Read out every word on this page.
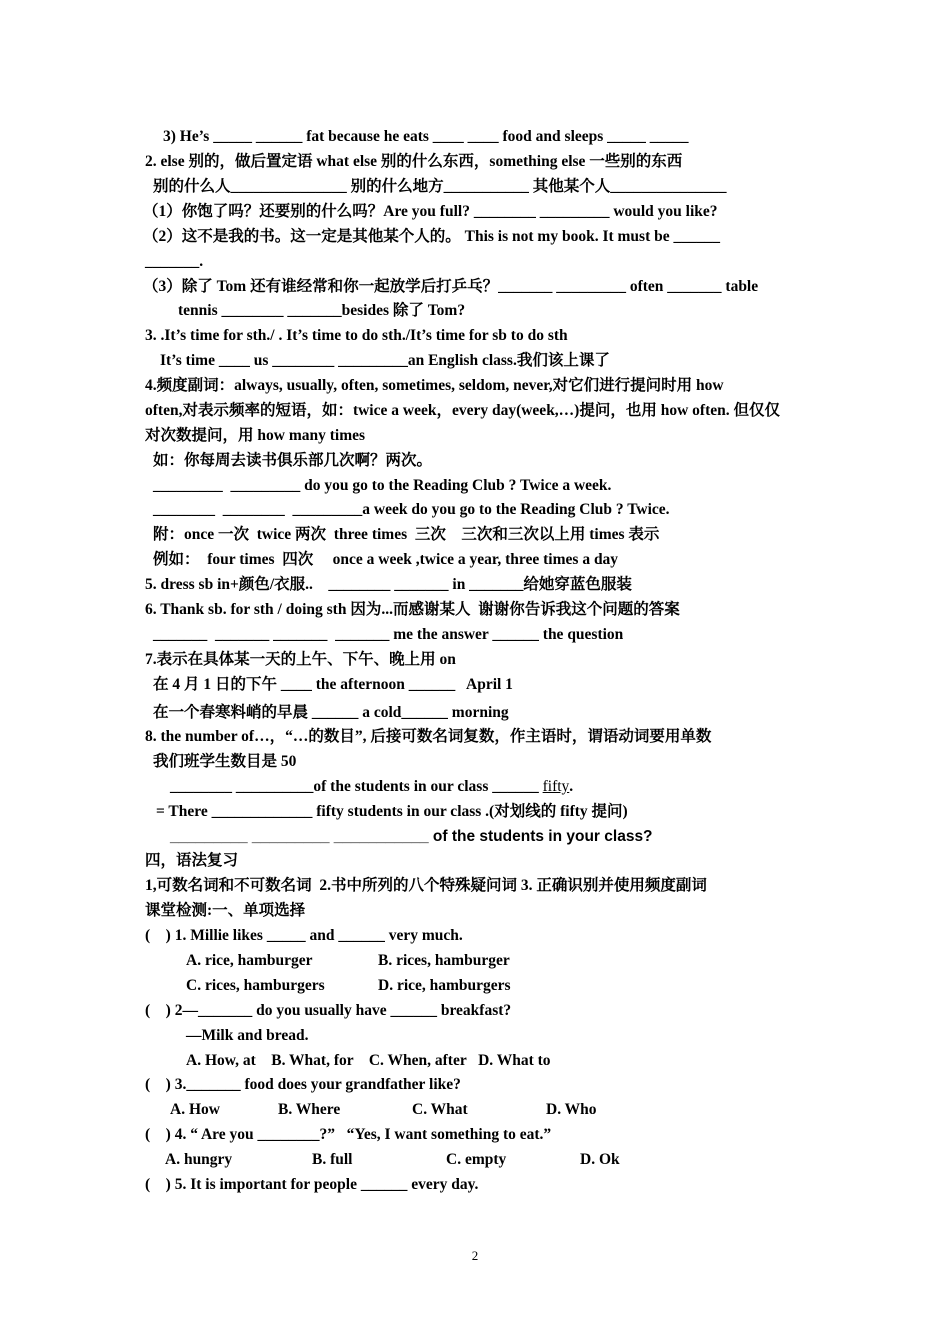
3) He’s _____ ______ fat because he eats ____ ____ food and sleeps _____ _____
2. else 别的，做后置定语 what else 别的什么东西，something else 一些别的东西
别的什么人_______________ 别的什么地方___________ 其他某个人_______________
（1）你饱了吗？还要别的什么吗？Are you full? ________ _________ would you like?
（2）这不是我的书。这一定是其他某个人的。 This is not my book. It must be ______
_______.
（3）除了 Tom 还有谁经常和你一起放学后打乒乓？_______ _________ often _______ table
tennis ________ _______besides 除了 Tom?
3. .It’s time for sth./ . It’s time to do sth./It’s time for sb to do sth
It’s time ____ us ________ _________an English class.我们该上课了
4.频度副词：always, usually, often, sometimes, seldom, never,对它们进行提问时用 how
often,对表示频率的短语，如：twice a week，every day(week,…)提问，也用 how often. 但仅仅
对次数提问，用 how many times
如：你每周去读书俱乐部几次啊？两次。
_________  _________ do you go to the Reading Club ? Twice a week.
________  ________  _________a week do you go to the Reading Club ? Twice.
附：once 一次  twice 两次  three times  三次    三次和三次以上用 times 表示
例如：  four times  四次     once a week ,twice a year, three times a day
5. dress sb in+颜色/衣服..    ________ _______ in _______给她穿蓝色服装
6. Thank sb. for sth / doing sth 因为...而感谢某人  谢谢你告诉我这个问题的答案
_______  _______ _______  _______ me the answer ______ the question
7.表示在具体某一天的上午、下午、晚上用 on
在 4 月 1 日的下午 ____ the afternoon ______   April 1
在一个春寒料峭的早晨 ______ a cold______ morning
8. the number of…，“…的数目”, 后接可数名词复数，作主语时，谓语动词要用单数
我们班学生数目是 50
________ __________of the students in our class ______ fifty.
= There _____________ fifty students in our class .(对划线的 fifty 提问)
_________ _________ ___________ of the students in your class?
四，语法复习
1,可数名词和不可数名词  2.书中所列的八个特殊疑问词 3. 正确识别并使用频度副词
课堂检测:一、单项选择
(    ) 1. Millie likes _____ and ______ very much.
A. rice, hamburger	B. rices, hamburger
C. rices, hamburgers	D. rice, hamburgers
(    ) 2—_______ do you usually have ______ breakfast?
—Milk and bread.
A. How, at    B. What, for    C. When, after   D. What to
(    ) 3._______ food does your grandfather like?
A. How	B. Where	C. What	D. Who
(    ) 4. “ Are you ________?”   “Yes, I want something to eat.”
A. hungry	B. full	C. empty	D. Ok
(    ) 5. It is important for people ______ every day.
2
